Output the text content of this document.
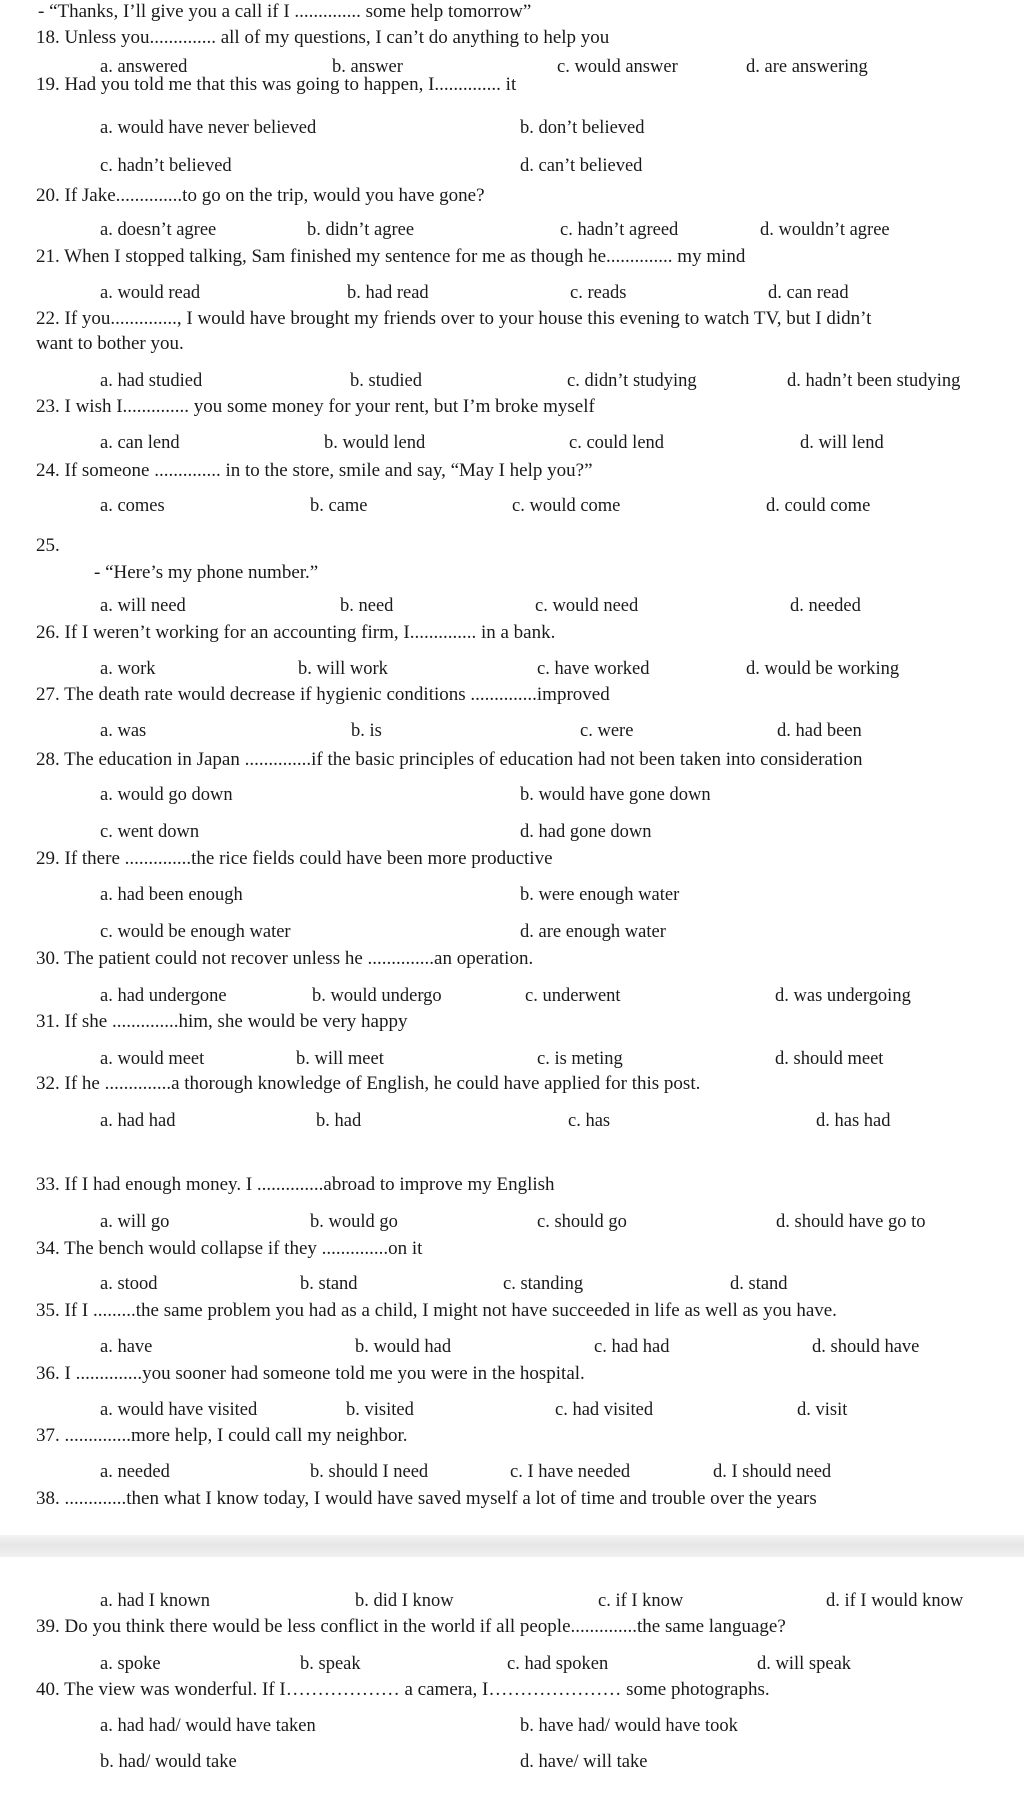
18. Unless you.............. all of my questions, I can’t do anything to help you
a. answered	b. answer	c. would answer	d. are answering
19. Had you told me that this was going to happen, I.............. it
a. would have never believed	b. don’t believed
c. hadn’t believed	d. can’t believed
20. If Jake..............to go on the trip, would you have gone?
a. doesn’t agree	b. didn’t agree	c. hadn’t agreed	d. wouldn’t agree
21. When I stopped talking, Sam finished my sentence for me as though he.............. my mind
a. would read	b. had read	c. reads	d. can read
22. If you.............., I would have brought my friends over to your house this evening to watch TV, but I didn’t
want to bother you.
a. had studied	b. studied	c. didn’t studying	d. hadn’t been studying
23. I wish I.............. you some money for your rent, but I’m broke myself
a. can lend	b. would lend	c. could lend	d. will lend
24. If someone .............. in to the store, smile and say, “May I help you?”
a. comes	b. came	c. would come	d. could come
25.
- “Here’s my phone number.”
- “Thanks, I’ll give you a call if I .............. some help tomorrow”
a. will need	b. need	c. would need	d. needed
26. If I weren’t working for an accounting firm, I.............. in a bank.
a. work	b. will work	c. have worked	d. would be working
27. The death rate would decrease if hygienic conditions ..............improved
a. was	b. is	c. were	d. had been
28. The education in Japan ..............if the basic principles of education had not been taken into consideration
a. would go down	b. would have gone down
c. went down	d. had gone down
29. If there ..............the rice fields could have been more productive
a. had been enough	b. were enough water
c. would be enough water	d. are enough water
30. The patient could not recover unless he ..............an operation.
a. had undergone	b. would undergo	c. underwent	d. was undergoing
31. If she ..............him, she would be very happy
a. would meet	b. will meet	c. is meting	d. should meet
32. If he ..............a thorough knowledge of English, he could have applied for this post.
a. had had	b. had	c. has	d. has had
33. If I had enough money. I ..............abroad to improve my English
a. will go	b. would go	c. should go	d. should have go to
34. The bench would collapse if they ..............on it
a. stood	b. stand	c. standing	d. stand
35. If I .........the same problem you had as a child, I might not have succeeded in life as well as you have.
a. have	b. would had	c. had had	d. should have
36. I ..............you sooner had someone told me you were in the hospital.
a. would have visited	b. visited	c. had visited	d. visit
37. ..............more help, I could call my neighbor.
a. needed	b. should I need	c. I have needed	d. I should need
38. .............then what I know today, I would have saved myself a lot of time and trouble over the years
a. had I known	b. did I know	c. if I know	d. if I would know
39. Do you think there would be less conflict in the world if all people..............the same language?
a. spoke	b. speak	c. had spoken	d. will speak
40. The view was wonderful. If I……………… a camera, I………………… some photographs.
a. had had/ would have taken	b. have had/ would have took
b. had/ would take	d. have/ will take
